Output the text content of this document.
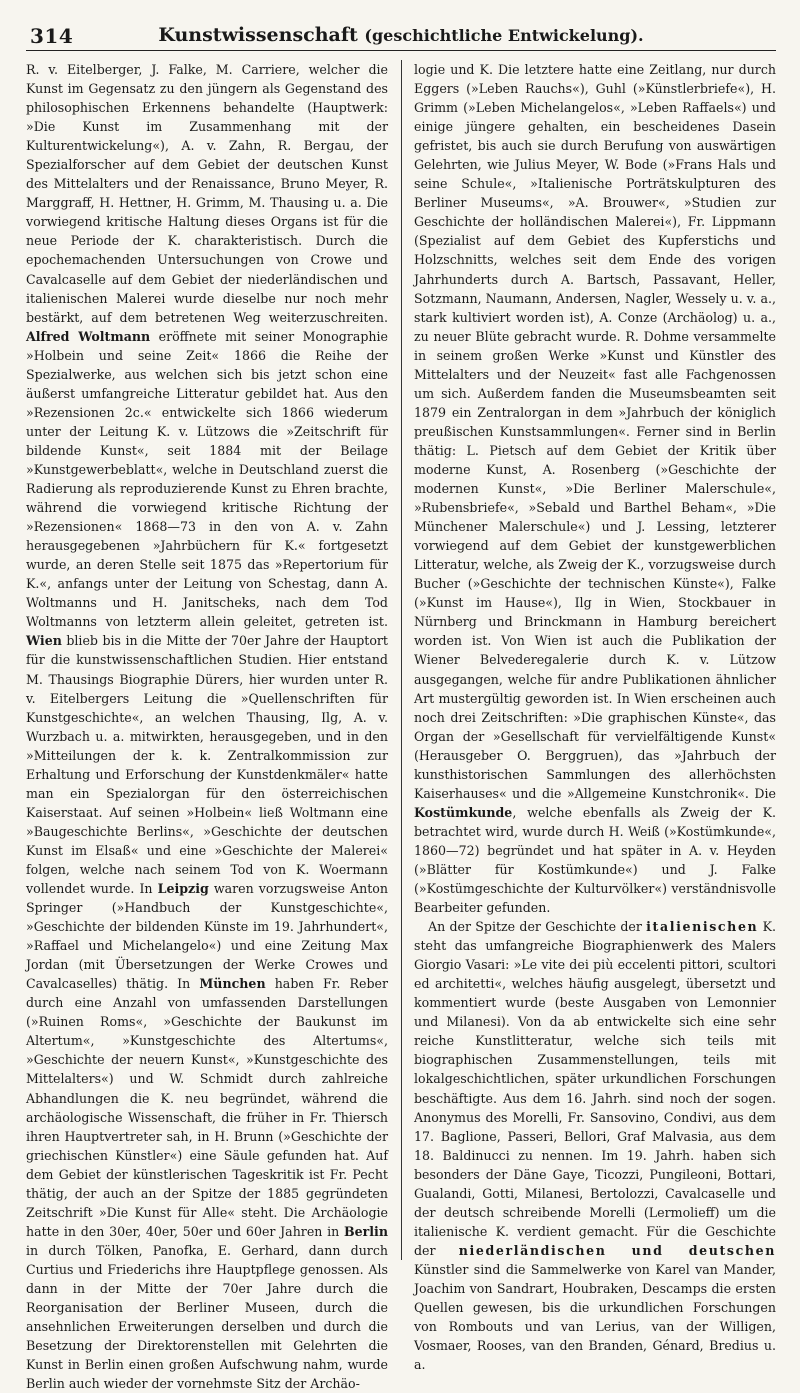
314	Kunstwissenschaft (geschichtliche Entwickelung).

R. v. Eitelberger, J. Falke, M. Carriere, welcher die Kunst im Gegensatz zu den jüngern als Gegenstand des philosophischen Erkennens behandelte (Hauptwerk: »Die Kunst im Zusammenhang mit der Kulturentwickelung«), A. v. Zahn, R. Bergau, der Spezialforscher auf dem Gebiet der deutschen Kunst des Mittelalters und der Renaissance, Bruno Meyer, R. Marggraff, H. Hettner, H. Grimm, M. Thausing u. a. Die vorwiegend kritische Haltung dieses Organs ist für die neue Periode der K. charakteristisch. Durch die epochemachenden Untersuchungen von Crowe und Cavalcaselle auf dem Gebiet der niederländischen und italienischen Malerei wurde dieselbe nur noch mehr bestärkt, auf dem betretenen Weg weiterzuschreiten. Alfred Woltmann eröffnete mit seiner Monographie »Holbein und seine Zeit« 1866 die Reihe der Spezialwerke, aus welchen sich bis jetzt schon eine äußerst umfangreiche Litteratur gebildet hat. Aus den »Rezensionen 2c.« entwickelte sich 1866 wiederum unter der Leitung K. v. Lützows die »Zeitschrift für bildende Kunst«, seit 1884 mit der Beilage »Kunstgewerbeblatt«, welche in Deutschland zuerst die Radierung als reproduzierende Kunst zu Ehren brachte, während die vorwiegend kritische Richtung der »Rezensionen« 1868—73 in den von A. v. Zahn herausgegebenen »Jahrbüchern für K.« fortgesetzt wurde, an deren Stelle seit 1875 das »Repertorium für K.«, anfangs unter der Leitung von Schestag, dann A. Woltmanns und H. Janitscheks, nach dem Tod Woltmanns von letzterm allein geleitet, getreten ist. Wien blieb bis in die Mitte der 70er Jahre der Hauptort für die kunstwissenschaftlichen Studien. Hier entstand M. Thausings Biographie Dürers, hier wurden unter R. v. Eitelbergers Leitung die »Quellenschriften für Kunstgeschichte«, an welchen Thausing, Ilg, A. v. Wurzbach u. a. mitwirkten, herausgegeben, und in den »Mitteilungen der k. k. Zentralkommission zur Erhaltung und Erforschung der Kunstdenkmäler« hatte man ein Spezialorgan für den österreichischen Kaiserstaat. Auf seinen »Holbein« ließ Woltmann eine »Baugeschichte Berlins«, »Geschichte der deutschen Kunst im Elsaß« und eine »Geschichte der Malerei« folgen, welche nach seinem Tod von K. Woermann vollendet wurde. In Leipzig waren vorzugsweise Anton Springer (»Handbuch der Kunstgeschichte«, »Geschichte der bildenden Künste im 19. Jahrhundert«, »Raffael und Michelangelo«) und eine Zeitung Max Jordan (mit Übersetzungen der Werke Crowes und Cavalcaselles) thätig. In München haben Fr. Reber durch eine Anzahl von umfassenden Darstellungen (»Ruinen Roms«, »Geschichte der Baukunst im Altertum«, »Kunstgeschichte des Altertums«, »Geschichte der neuern Kunst«, »Kunstgeschichte des Mittelalters«) und W. Schmidt durch zahlreiche Abhandlungen die K. neu begründet, während die archäologische Wissenschaft, die früher in Fr. Thiersch ihren Hauptvertreter sah, in H. Brunn (»Geschichte der griechischen Künstler«) eine Säule gefunden hat. Auf dem Gebiet der künstlerischen Tageskritik ist Fr. Pecht thätig, der auch an der Spitze der 1885 gegründeten Zeitschrift »Die Kunst für Alle« steht. Die Archäologie hatte in den 30er, 40er, 50er und 60er Jahren in Berlin in durch Tölken, Panofka, E. Gerhard, dann durch Curtius und Friederichs ihre Hauptpflege genossen. Als dann in der Mitte der 70er Jahre durch die Reorganisation der Berliner Museen, durch die ansehnlichen Erweiterungen derselben und durch die Besetzung der Direktorenstellen mit Gelehrten die Kunst in Berlin einen großen Aufschwung nahm, wurde Berlin auch wieder der vornehmste Sitz der Archäo-

logie und K. Die letztere hatte eine Zeitlang, nur durch Eggers (»Leben Rauchs«), Guhl (»Künstlerbriefe«), H. Grimm (»Leben Michelangelos«, »Leben Raffaels«) und einige jüngere gehalten, ein bescheidenes Dasein gefristet, bis auch sie durch Berufung von auswärtigen Gelehrten, wie Julius Meyer, W. Bode (»Frans Hals und seine Schule«, »Italienische Porträtskulpturen des Berliner Museums«, »A. Brouwer«, »Studien zur Geschichte der holländischen Malerei«), Fr. Lippmann (Spezialist auf dem Gebiet des Kupferstichs und Holzschnitts, welches seit dem Ende des vorigen Jahrhunderts durch A. Bartsch, Passavant, Heller, Sotzmann, Naumann, Andersen, Nagler, Wessely u. v. a., stark kultiviert worden ist), A. Conze (Archäolog) u. a., zu neuer Blüte gebracht wurde. R. Dohme versammelte in seinem großen Werke »Kunst und Künstler des Mittelalters und der Neuzeit« fast alle Fachgenossen um sich. Außerdem fanden die Museumsbeamten seit 1879 ein Zentralorgan in dem »Jahrbuch der königlich preußischen Kunstsammlungen«. Ferner sind in Berlin thätig: L. Pietsch auf dem Gebiet der Kritik über moderne Kunst, A. Rosenberg (»Geschichte der modernen Kunst«, »Die Berliner Malerschule«, »Rubensbriefe«, »Sebald und Barthel Beham«, »Die Münchener Malerschule«) und J. Lessing, letzterer vorwiegend auf dem Gebiet der kunstgewerblichen Litteratur, welche, als Zweig der K., vorzugsweise durch Bucher (»Geschichte der technischen Künste«), Falke (»Kunst im Hause«), Ilg in Wien, Stockbauer in Nürnberg und Brinckmann in Hamburg bereichert worden ist. Von Wien ist auch die Publikation der Wiener Belvederegalerie durch K. v. Lützow ausgegangen, welche für andre Publikationen ähnlicher Art mustergültig geworden ist. In Wien erscheinen auch noch drei Zeitschriften: »Die graphischen Künste«, das Organ der »Gesellschaft für vervielfältigende Kunst« (Herausgeber O. Berggruen), das »Jahrbuch der kunsthistorischen Sammlungen des allerhöchsten Kaiserhauses« und die »Allgemeine Kunstchronik«. Die Kostümkunde, welche ebenfalls als Zweig der K. betrachtet wird, wurde durch H. Weiß (»Kostümkunde«, 1860—72) begründet und hat später in A. v. Heyden (»Blätter für Kostümkunde«) und J. Falke (»Kostümgeschichte der Kulturvölker«) verständnisvolle Bearbeiter gefunden.

An der Spitze der Geschichte der italienischen K. steht das umfangreiche Biographienwerk des Malers Giorgio Vasari: »Le vite dei più eccelenti pittori, scultori ed architetti«, welches häufig ausgelegt, übersetzt und kommentiert wurde (beste Ausgaben von Lemonnier und Milanesi). Von da ab entwickelte sich eine sehr reiche Kunstlitteratur, welche sich teils mit biographischen Zusammenstellungen, teils mit lokalgeschichtlichen, später urkundlichen Forschungen beschäftigte. Aus dem 16. Jahrh. sind noch der sogen. Anonymus des Morelli, Fr. Sansovino, Condivi, aus dem 17. Baglione, Passeri, Bellori, Graf Malvasia, aus dem 18. Baldinucci zu nennen. Im 19. Jahrh. haben sich besonders der Däne Gaye, Ticozzi, Pungileoni, Bottari, Gualandi, Gotti, Milanesi, Bertolozzi, Cavalcaselle und der deutsch schreibende Morelli (Lermolieff) um die italienische K. verdient gemacht. Für die Geschichte der niederländischen und deutschen Künstler sind die Sammelwerke von Karel van Mander, Joachim von Sandrart, Houbraken, Descamps die ersten Quellen gewesen, bis die urkundlichen Forschungen von Rombouts und van Lerius, van der Willigen, Vosmaer, Rooses, van den Branden, Génard, Bredius u. a.
